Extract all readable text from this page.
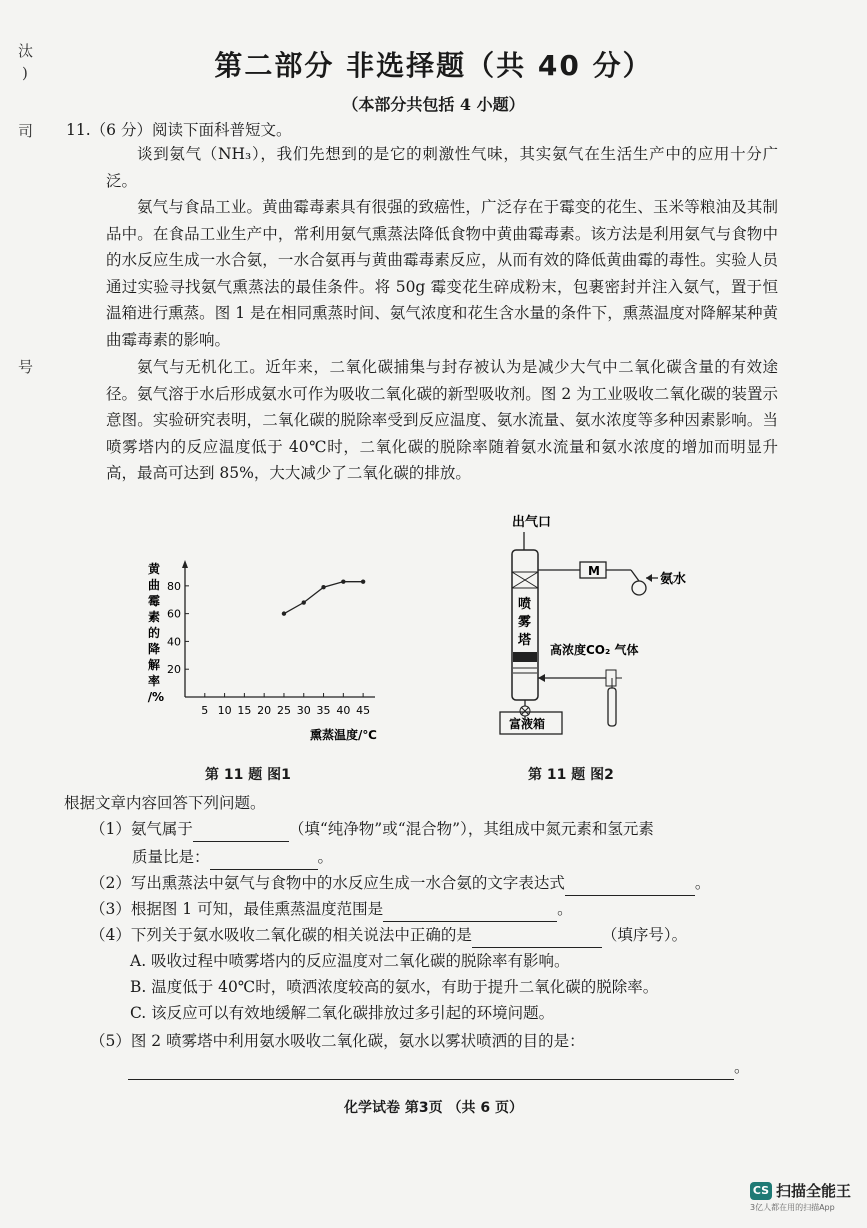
汰
)
司
号
第二部分 非选择题（共 40 分）
（本部分共包括 4 小题）
11.（6 分）阅读下面科普短文。
谈到氨气（NH₃），我们先想到的是它的刺激性气味，其实氨气在生活生产中的应用十分广泛。
氨气与食品工业。黄曲霉毒素具有很强的致癌性，广泛存在于霉变的花生、玉米等粮油及其制品中。在食品工业生产中，常利用氨气熏蒸法降低食物中黄曲霉毒素。该方法是利用氨气与食物中的水反应生成一水合氨，一水合氨再与黄曲霉毒素反应，从而有效的降低黄曲霉的毒性。实验人员通过实验寻找氨气熏蒸法的最佳条件。将 50g 霉变花生碎成粉末，包裹密封并注入氨气，置于恒温箱进行熏蒸。图 1 是在相同熏蒸时间、氨气浓度和花生含水量的条件下，熏蒸温度对降解某种黄曲霉毒素的影响。
氨气与无机化工。近年来，二氧化碳捕集与封存被认为是减少大气中二氧化碳含量的有效途径。氨气溶于水后形成氨水可作为吸收二氧化碳的新型吸收剂。图 2 为工业吸收二氧化碳的装置示意图。实验研究表明，二氧化碳的脱除率受到反应温度、氨水流量、氨水浓度等多种因素影响。当喷雾塔内的反应温度低于 40℃时，二氧化碳的脱除率随着氨水流量和氨水浓度的增加而明显升高，最高可达到 85%，大大减少了二氧化碳的排放。
黄
曲
霉
素
的
降
解
率
/ %
20
40
60
80
5 10 15 20 25 30 35 40 45
熏蒸温度/℃
出气口
喷
雾
塔
M
氨水
高浓度CO₂ 气体
富液箱
第 11 题 图1	第 11 题 图2
根据文章内容回答下列问题。
（1）氨气属于	（填“纯净物”或“混合物”），其组成中氮元素和氢元素
质量比是：	。
（2）写出熏蒸法中氨气与食物中的水反应生成一水合氨的文字表达式	。
（3）根据图 1 可知，最佳熏蒸温度范围是	。
（4）下列关于氨水吸收二氧化碳的相关说法中正确的是	（填序号）。
A. 吸收过程中喷雾塔内的反应温度对二氧化碳的脱除率有影响。
B. 温度低于 40℃时，喷洒浓度较高的氨水，有助于提升二氧化碳的脱除率。
C. 该反应可以有效地缓解二氧化碳排放过多引起的环境问题。
（5）图 2 喷雾塔中利用氨水吸收二氧化碳，氨水以雾状喷洒的目的是：
。
化学试卷 第3页 （共 6 页）
CS 扫描全能王
3亿人都在用的扫描App
